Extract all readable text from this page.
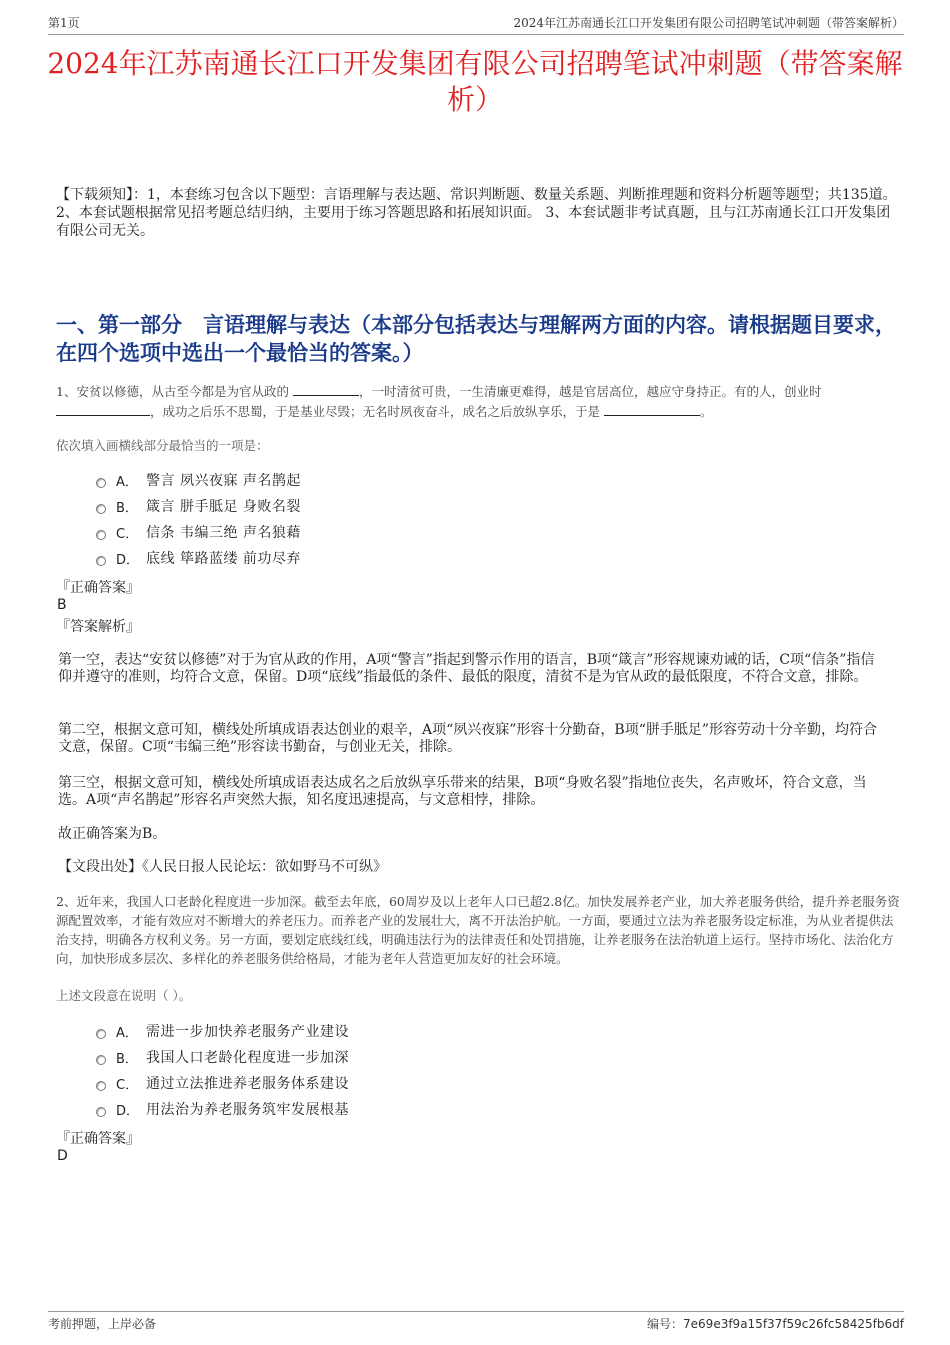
第1页	2024年江苏南通长江口开发集团有限公司招聘笔试冲刺题（带答案解析）
2024年江苏南通长江口开发集团有限公司招聘笔试冲刺题（带答案解析）

【下载须知】：1，本套练习包含以下题型：言语理解与表达题、常识判断题、数量关系题、判断推理题和资料分析题等题型；共135道。 2、本套试题根据常见招考题总结归纳，主要用于练习答题思路和拓展知识面。 3、本套试题非考试真题，且与江苏南通长江口开发集团有限公司无关。

一、第一部分　言语理解与表达（本部分包括表达与理解两方面的内容。请根据题目要求，在四个选项中选出一个最恰当的答案。）

1、安贫以修德，从古至今都是为官从政的	，一时清贫可贵，一生清廉更难得，越是官居高位，越应守身持正。有的人，创业时 ，成功之后乐不思蜀，于是基业尽毁；无名时夙夜奋斗，成名之后放纵享乐，于是	。

依次填入画横线部分最恰当的一项是：

A． 警言 夙兴夜寐 声名鹊起
B． 箴言 胼手胝足 身败名裂
C． 信条 韦编三绝 声名狼藉
D． 底线 筚路蓝缕 前功尽弃

『正确答案』

B

『答案解析』

第一空，表达“安贫以修德”对于为官从政的作用，A项“警言”指起到警示作用的语言，B项“箴言”形容规谏劝诫的话，C项“信条”指信仰并遵守的准则，均符合文意，保留。D项“底线”指最低的条件、最低的限度，清贫不是为官从政的最低限度，不符合文意，排除。

第二空，根据文意可知，横线处所填成语表达创业的艰辛，A项“夙兴夜寐”形容十分勤奋，B项“胼手胝足”形容劳动十分辛勤，均符合文意，保留。C项“韦编三绝”形容读书勤奋，与创业无关，排除。

第三空，根据文意可知，横线处所填成语表达成名之后放纵享乐带来的结果，B项“身败名裂”指地位丧失，名声败坏，符合文意，当选。A项“声名鹊起”形容名声突然大振，知名度迅速提高，与文意相悖，排除。

故正确答案为B。

【文段出处】《人民日报人民论坛：欲如野马不可纵》

2、近年来，我国人口老龄化程度进一步加深。截至去年底，60周岁及以上老年人口已超2.8亿。加快发展养老产业，加大养老服务供给，提升养老服务资源配置效率，才能有效应对不断增大的养老压力。而养老产业的发展壮大，离不开法治护航。一方面，要通过立法为养老服务设定标准，为从业者提供法治支持，明确各方权利义务。另一方面，要划定底线红线，明确违法行为的法律责任和处罚措施，让养老服务在法治轨道上运行。坚持市场化、法治化方向，加快形成多层次、多样化的养老服务供给格局，才能为老年人营造更加友好的社会环境。

上述文段意在说明（ ）。

A． 需进一步加快养老服务产业建设
B． 我国人口老龄化程度进一步加深
C． 通过立法推进养老服务体系建设
D． 用法治为养老服务筑牢发展根基

『正确答案』

D
考前押题，上岸必备	编号：7e69e3f9a15f37f59c26fc58425fb6df
